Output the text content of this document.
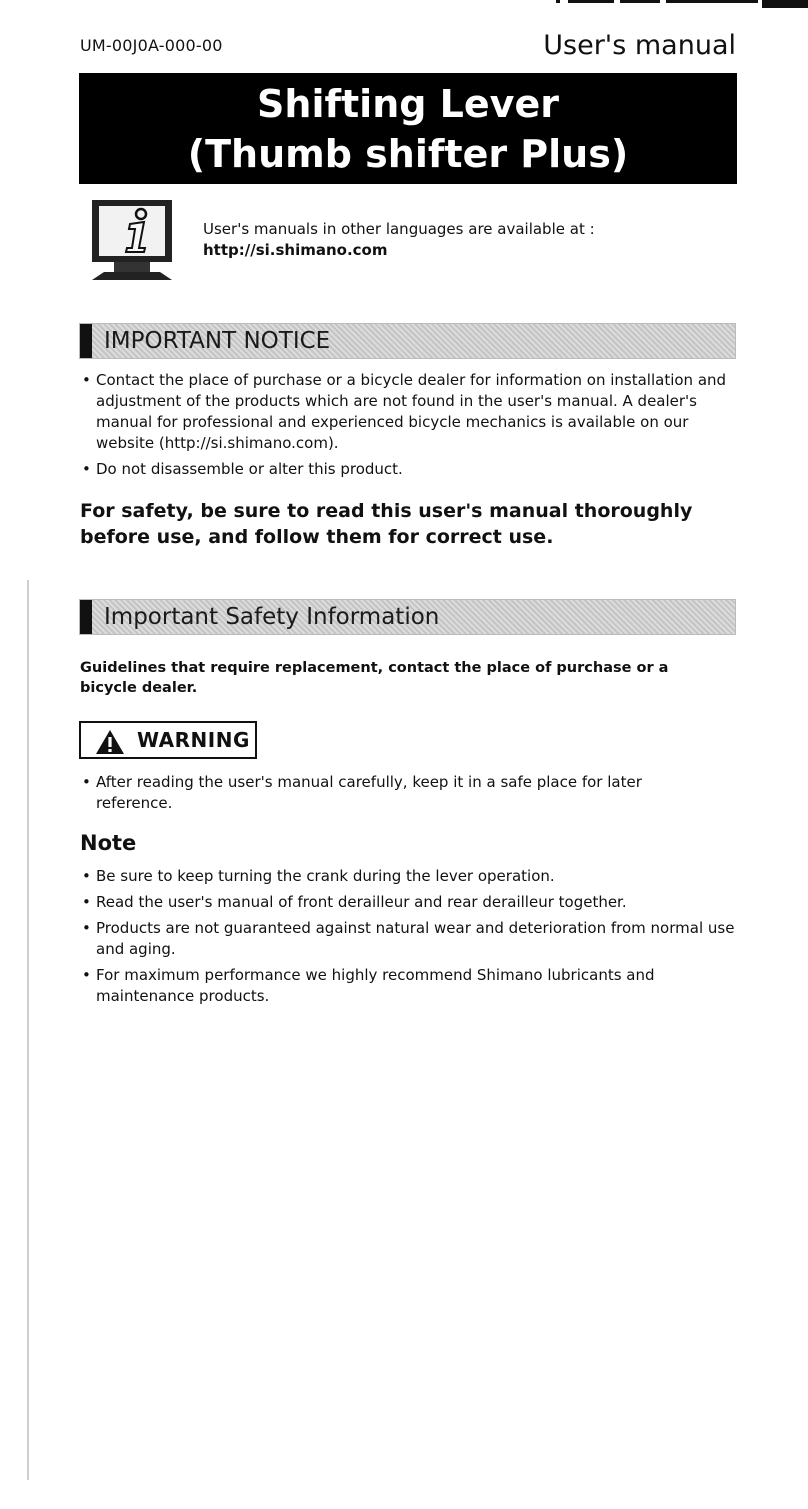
UM-00J0A-000-00	User's manual
Shifting Lever
(Thumb shifter Plus)
User's manuals in other languages are available at :
http://si.shimano.com
IMPORTANT NOTICE
• Contact the place of purchase or a bicycle dealer for information on installation and adjustment of the products which are not found in the user's manual. A dealer's manual for professional and experienced bicycle mechanics is available on our website (http://si.shimano.com).
• Do not disassemble or alter this product.
For safety, be sure to read this user's manual thoroughly before use, and follow them for correct use.
Important Safety Information
Guidelines that require replacement, contact the place of purchase or a bicycle dealer.
WARNING
• After reading the user's manual carefully, keep it in a safe place for later reference.
Note
• Be sure to keep turning the crank during the lever operation.
• Read the user's manual of front derailleur and rear derailleur together.
• Products are not guaranteed against natural wear and deterioration from normal use and aging.
• For maximum performance we highly recommend Shimano lubricants and maintenance products.
